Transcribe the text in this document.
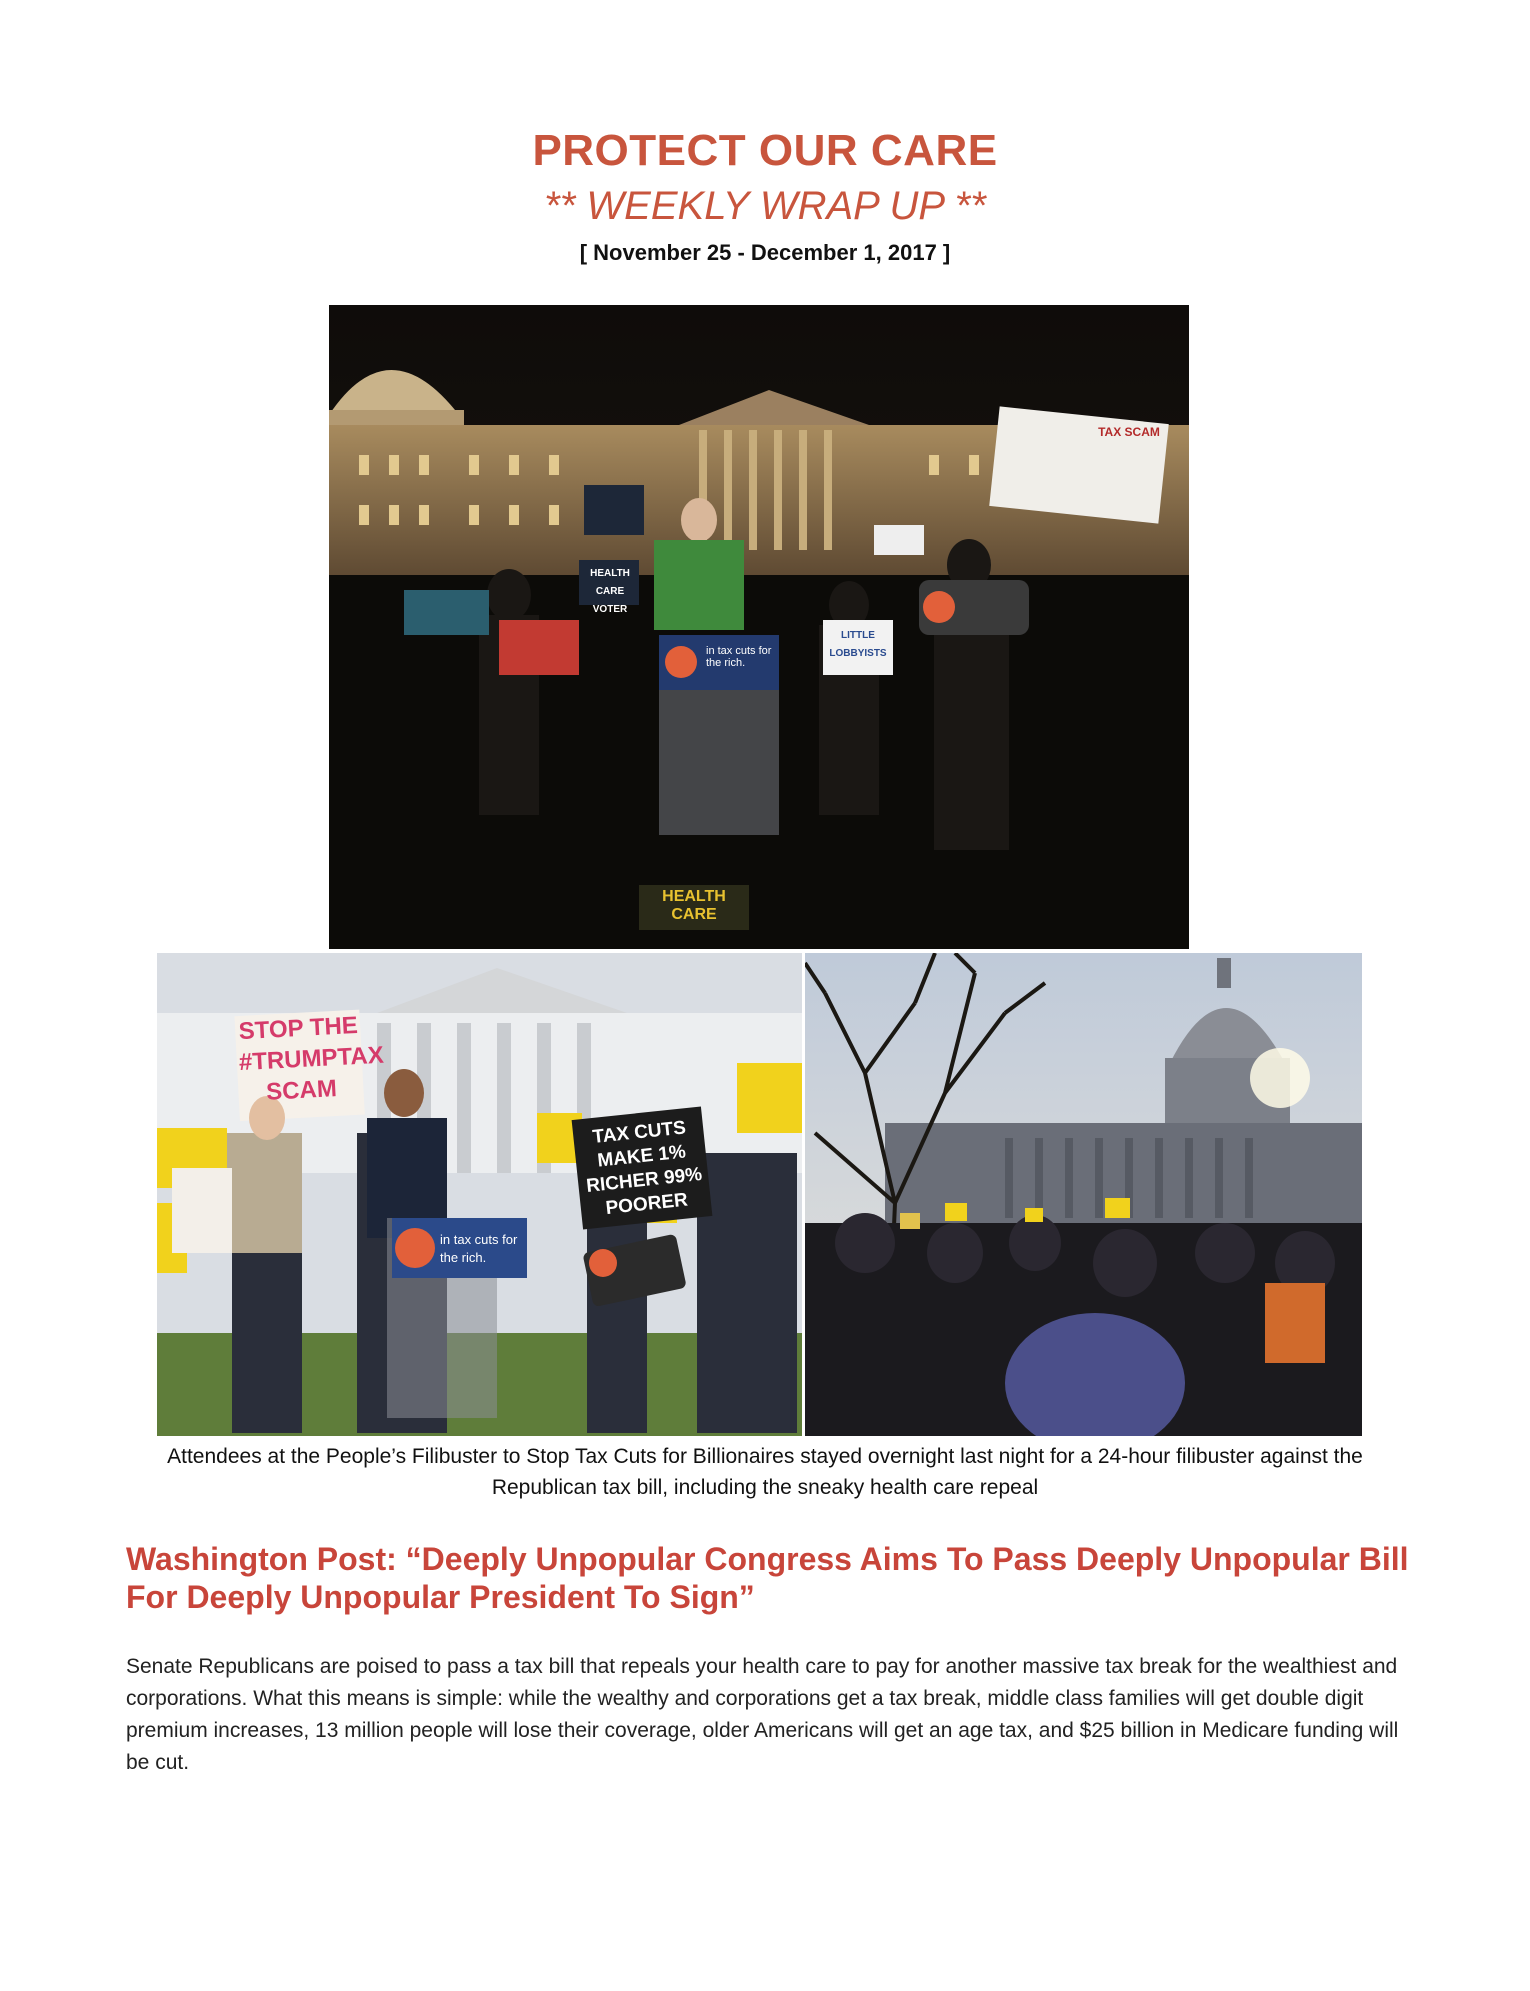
PROTECT OUR CARE
** WEEKLY WRAP UP **
[ November 25 - December 1, 2017 ]
in tax cuts for the rich.
HEALTH CARE VOTER
LITTLE LOBBYISTS
TAX SCAM
HEALTH CARE
STOP THE #TRUMPTAX SCAM
TAX CUTS MAKE 1% RICHER 99% POORER
in tax cuts for the rich.
Attendees at the People’s Filibuster to Stop Tax Cuts for Billionaires stayed overnight last night for a 24-hour filibuster against the Republican tax bill, including the sneaky health care repeal
Washington Post: “Deeply Unpopular Congress Aims To Pass Deeply Unpopular Bill For Deeply Unpopular President To Sign”
Senate Republicans are poised to pass a tax bill that repeals your health care to pay for another massive tax break for the wealthiest and corporations. What this means is simple: while the wealthy and corporations get a tax break, middle class families will get double digit premium increases, 13 million people will lose their coverage, older Americans will get an age tax, and $25 billion in Medicare funding will be cut.
